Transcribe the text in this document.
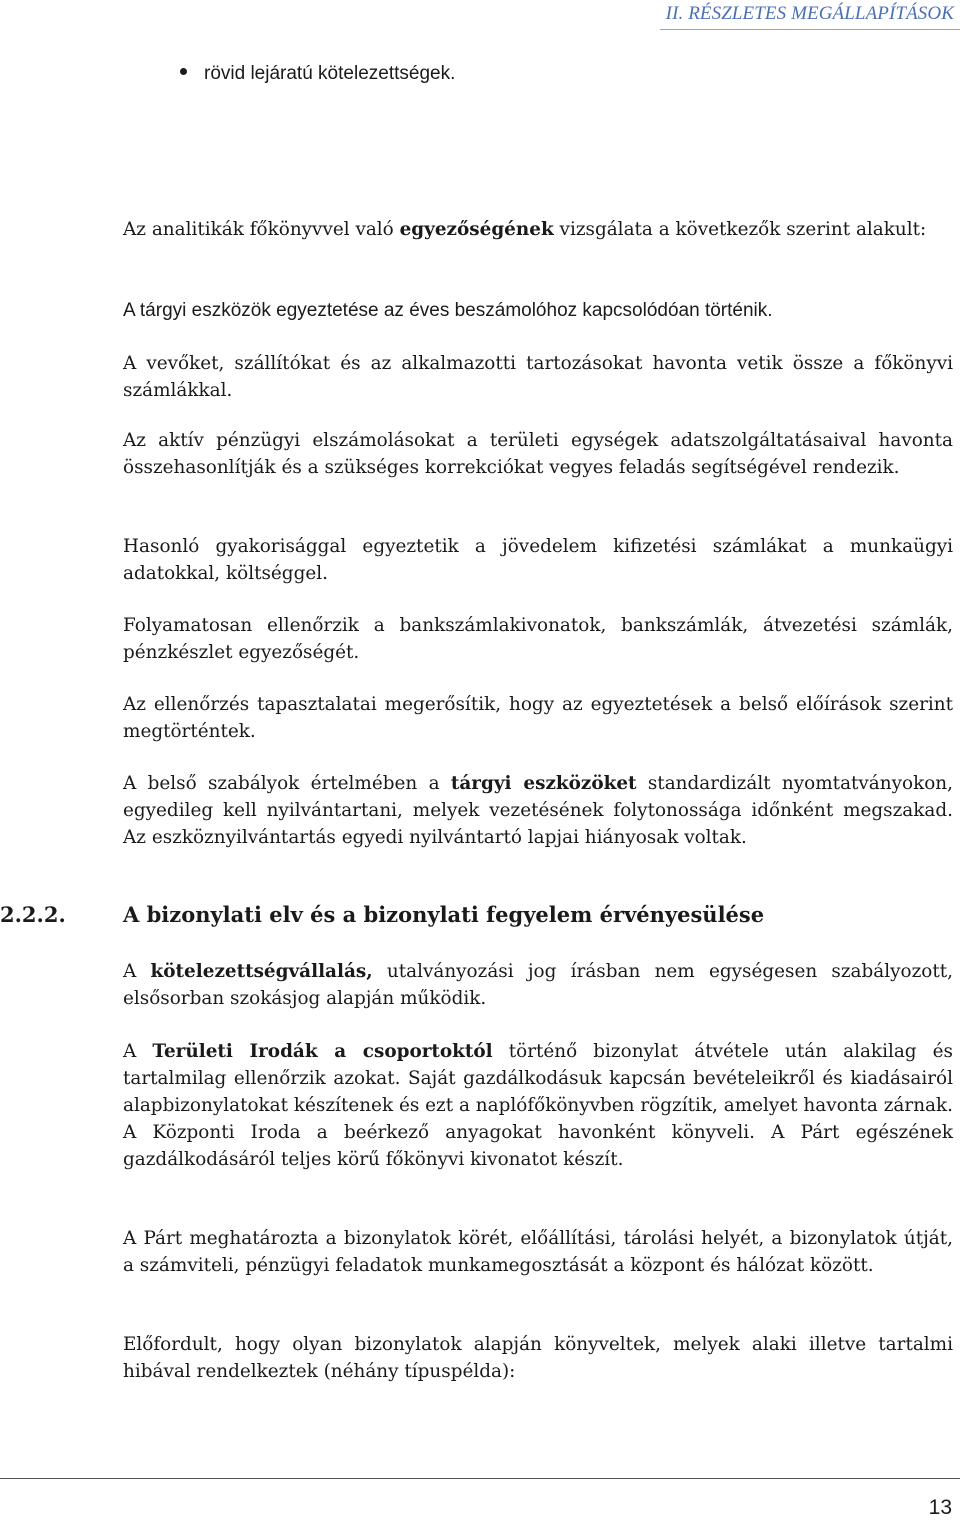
II. RÉSZLETES MEGÁLLAPÍTÁSOK
rövid lejáratú kötelezettségek.

Az analitikák főkönyvvel való egyezőségének vizsgálata a következők szerint alakult:

A tárgyi eszközök egyeztetése az éves beszámolóhoz kapcsolódóan történik.

A vevőket, szállítókat és az alkalmazotti tartozásokat havonta vetik össze a főkönyvi számlákkal.

Az aktív pénzügyi elszámolásokat a területi egységek adatszolgáltatásaival havonta összehasonlítják és a szükséges korrekciókat vegyes feladás segítségével rendezik.

Hasonló gyakorisággal egyeztetik a jövedelem kifizetési számlákat a munkaügyi adatokkal, költséggel.

Folyamatosan ellenőrzik a bankszámlakivonatok, bankszámlák, átvezetési számlák, pénzkészlet egyezőségét.

Az ellenőrzés tapasztalatai megerősítik, hogy az egyeztetések a belső előírások szerint megtörténtek.

A belső szabályok értelmében a tárgyi eszközöket standardizált nyomtatványokon, egyedileg kell nyilvántartani, melyek vezetésének folytonossága időnként megszakad. Az eszköznyilvántartás egyedi nyilvántartó lapjai hiányosak voltak.

2.2.2.	A bizonylati elv és a bizonylati fegyelem érvényesülése

A kötelezettségvállalás, utalványozási jog írásban nem egységesen szabályozott, elsősorban szokásjog alapján működik.

A Területi Irodák a csoportoktól történő bizonylat átvétele után alakilag és tartalmilag ellenőrzik azokat. Saját gazdálkodásuk kapcsán bevételeikről és kiadásairól alapbizonylatokat készítenek és ezt a naplófőkönyvben rögzítik, amelyet havonta zárnak. A Központi Iroda a beérkező anyagokat havonként könyveli. A Párt egészének gazdálkodásáról teljes körű főkönyvi kivonatot készít.

A Párt meghatározta a bizonylatok körét, előállítási, tárolási helyét, a bizonylatok útját, a számviteli, pénzügyi feladatok munkamegosztását a központ és hálózat között.

Előfordult, hogy olyan bizonylatok alapján könyveltek, melyek alaki illetve tartalmi hibával rendelkeztek (néhány típuspélda):

13
